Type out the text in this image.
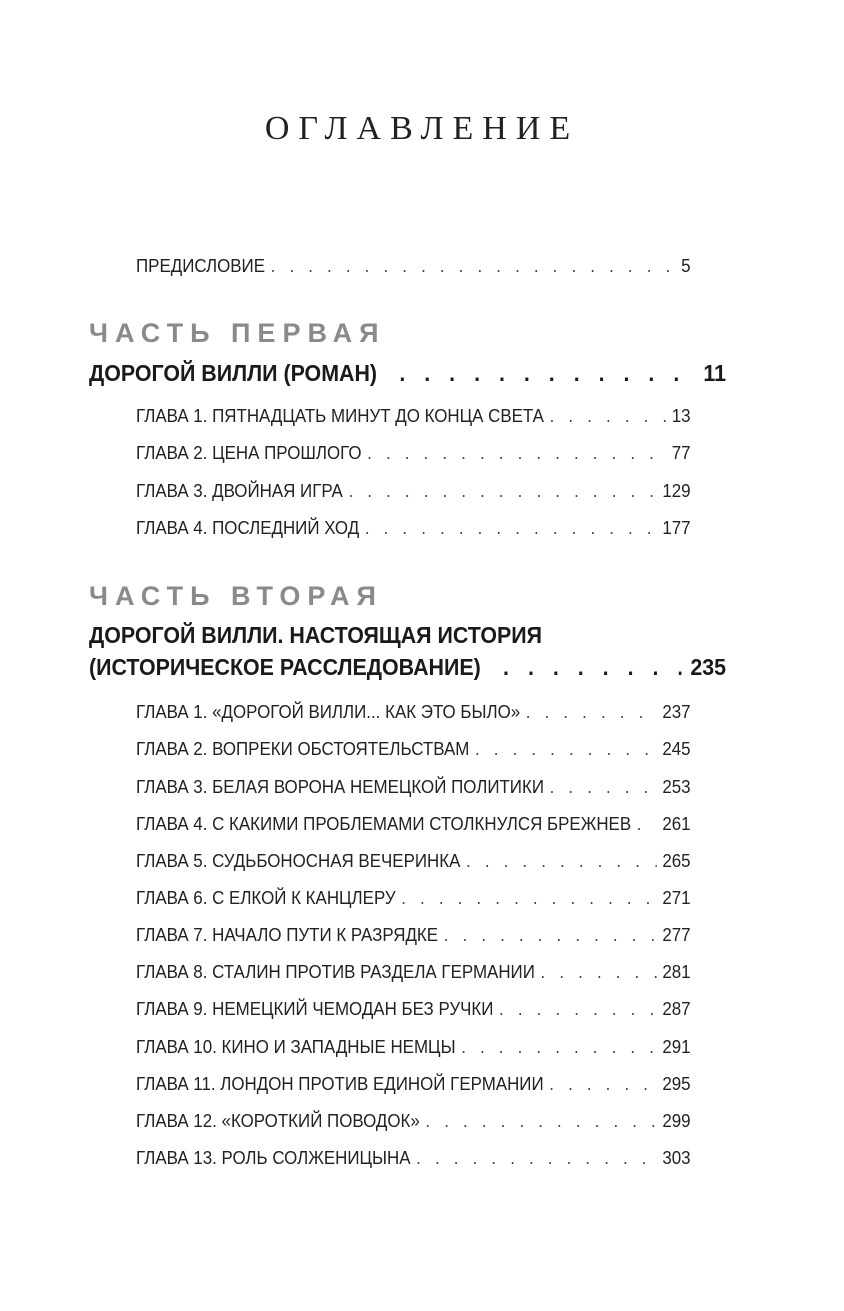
ОГЛАВЛЕНИЕ
ПРЕДИСЛОВИЕ . . .	5
ЧАСТЬ ПЕРВАЯ
ДОРОГОЙ ВИЛЛИ (РОМАН) . . .	11
ГЛАВА 1. ПЯТНАДЦАТЬ МИНУТ ДО КОНЦА СВЕТА . . .	13
ГЛАВА 2. ЦЕНА ПРОШЛОГО . . .	77
ГЛАВА 3. ДВОЙНАЯ ИГРА . . .	129
ГЛАВА 4. ПОСЛЕДНИЙ ХОД . . .	177
ЧАСТЬ ВТОРАЯ
ДОРОГОЙ ВИЛЛИ. НАСТОЯЩАЯ ИСТОРИЯ
(ИСТОРИЧЕСКОЕ РАССЛЕДОВАНИЕ) . . .	235
ГЛАВА 1. «ДОРОГОЙ ВИЛЛИ... КАК ЭТО БЫЛО» . . .	237
ГЛАВА 2. ВОПРЕКИ ОБСТОЯТЕЛЬСТВАМ . . .	245
ГЛАВА 3. БЕЛАЯ ВОРОНА НЕМЕЦКОЙ ПОЛИТИКИ . . .	253
ГЛАВА 4. С КАКИМИ ПРОБЛЕМАМИ СТОЛКНУЛСЯ БРЕЖНЕВ . . . 261
ГЛАВА 5. СУДЬБОНОСНАЯ ВЕЧЕРИНКА . . .	265
ГЛАВА 6. С ЕЛКОЙ К КАНЦЛЕРУ . . .	271
ГЛАВА 7. НАЧАЛО ПУТИ К РАЗРЯДКЕ . . .	277
ГЛАВА 8. СТАЛИН ПРОТИВ РАЗДЕЛА ГЕРМАНИИ . . .	281
ГЛАВА 9. НЕМЕЦКИЙ ЧЕМОДАН БЕЗ РУЧКИ . . .	287
ГЛАВА 10. КИНО И ЗАПАДНЫЕ НЕМЦЫ . . .	291
ГЛАВА 11. ЛОНДОН ПРОТИВ ЕДИНОЙ ГЕРМАНИИ . . .	295
ГЛАВА 12. «КОРОТКИЙ ПОВОДОК» . . .	299
ГЛАВА 13. РОЛЬ СОЛЖЕНИЦЫНА . . .	303
